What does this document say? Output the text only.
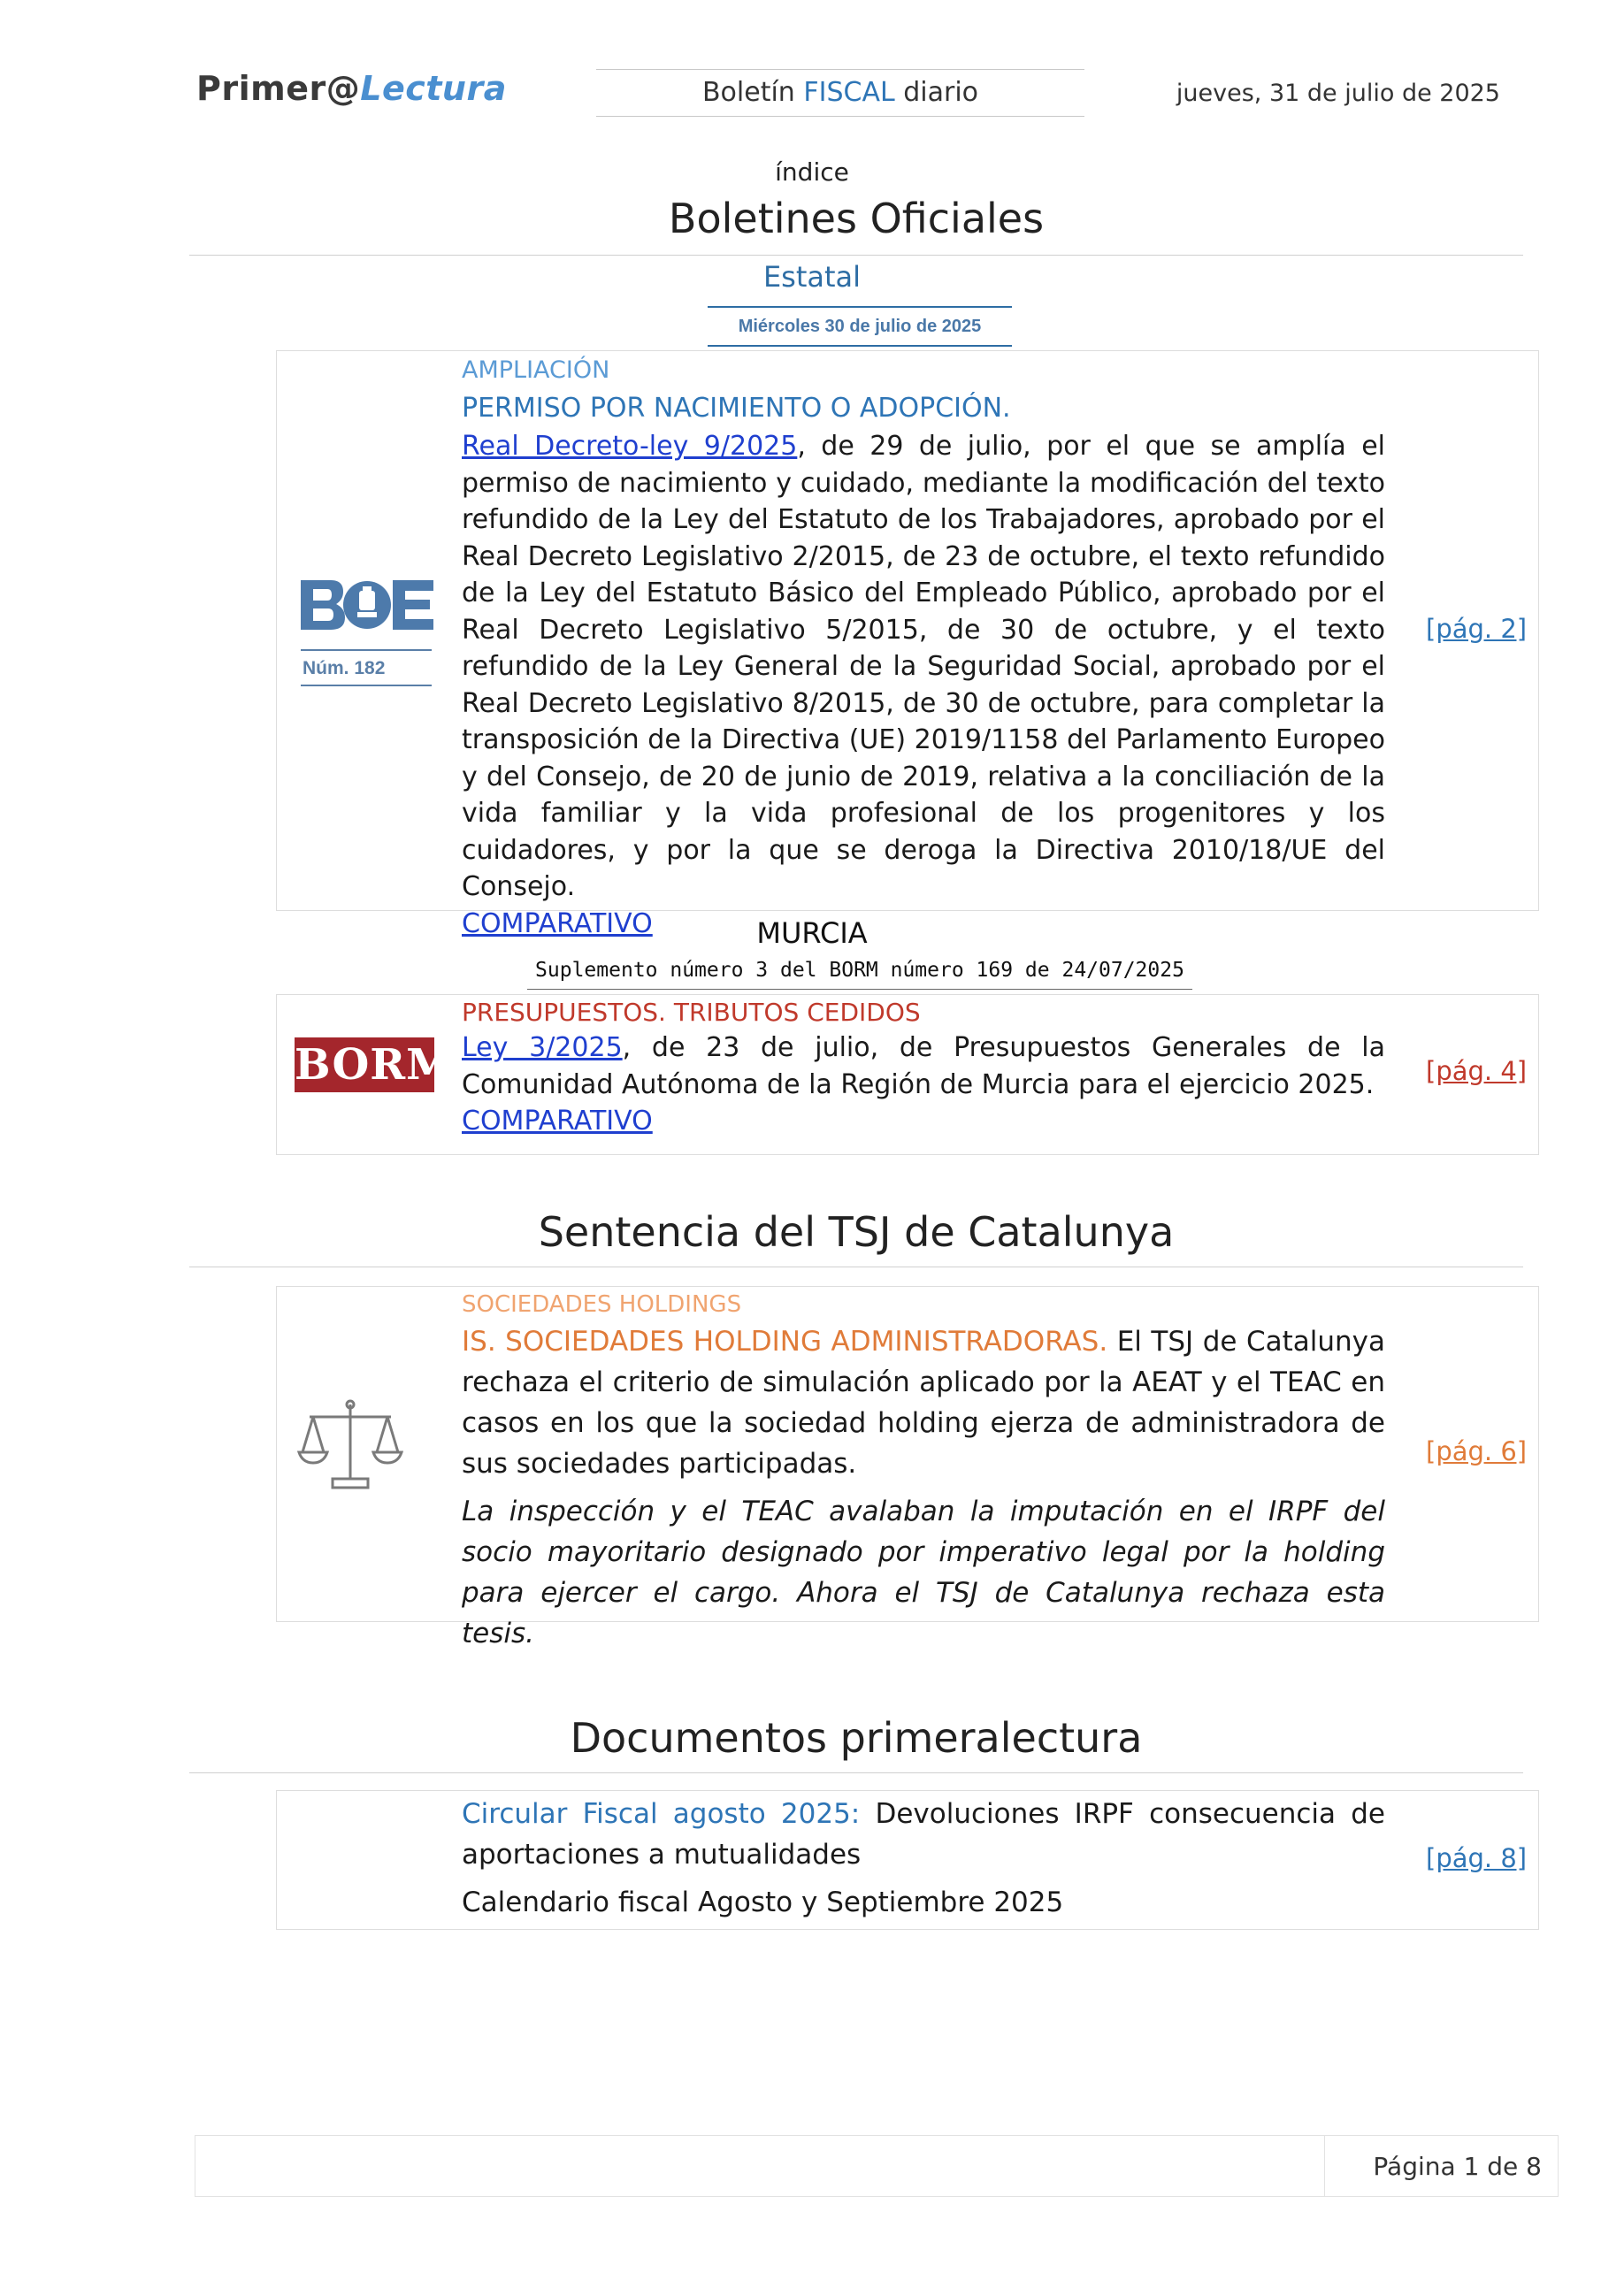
Primer@Lectura	Boletín FISCAL diario	jueves, 31 de julio de 2025
índice
Boletines Oficiales
Estatal
Miércoles 30 de julio de 2025
Núm. 182
AMPLIACIÓN
PERMISO POR NACIMIENTO O ADOPCIÓN.
Real Decreto-ley 9/2025, de 29 de julio, por el que se amplía el permiso de nacimiento y cuidado, mediante la modificación del texto refundido de la Ley del Estatuto de los Trabajadores, aprobado por el Real Decreto Legislativo 2/2015, de 23 de octubre, el texto refundido de la Ley del Estatuto Básico del Empleado Público, aprobado por el Real Decreto Legislativo 5/2015, de 30 de octubre, y el texto refundido de la Ley General de la Seguridad Social, aprobado por el Real Decreto Legislativo 8/2015, de 30 de octubre, para completar la transposición de la Directiva (UE) 2019/1158 del Parlamento Europeo y del Consejo, de 20 de junio de 2019, relativa a la conciliación de la vida familiar y la vida profesional de los progenitores y los cuidadores, y por la que se deroga la Directiva 2010/18/UE del Consejo.
COMPARATIVO
[pág. 2]
MURCIA
Suplemento número 3 del BORM número 169 de 24/07/2025
BORM
PRESUPUESTOS. TRIBUTOS CEDIDOS
Ley 3/2025, de 23 de julio, de Presupuestos Generales de la Comunidad Autónoma de la Región de Murcia para el ejercicio 2025.
COMPARATIVO
[pág. 4]
Sentencia del TSJ de Catalunya
SOCIEDADES HOLDINGS
IS. SOCIEDADES HOLDING ADMINISTRADORAS. El TSJ de Catalunya rechaza el criterio de simulación aplicado por la AEAT y el TEAC en casos en los que la sociedad holding ejerza de administradora de sus sociedades participadas.
La inspección y el TEAC avalaban la imputación en el IRPF del socio mayoritario designado por imperativo legal por la holding para ejercer el cargo. Ahora el TSJ de Catalunya rechaza esta tesis.
[pág. 6]
Documentos primeralectura
Circular Fiscal agosto 2025: Devoluciones IRPF consecuencia de aportaciones a mutualidades
Calendario fiscal Agosto y Septiembre 2025
[pág. 8]
Página 1 de 8
